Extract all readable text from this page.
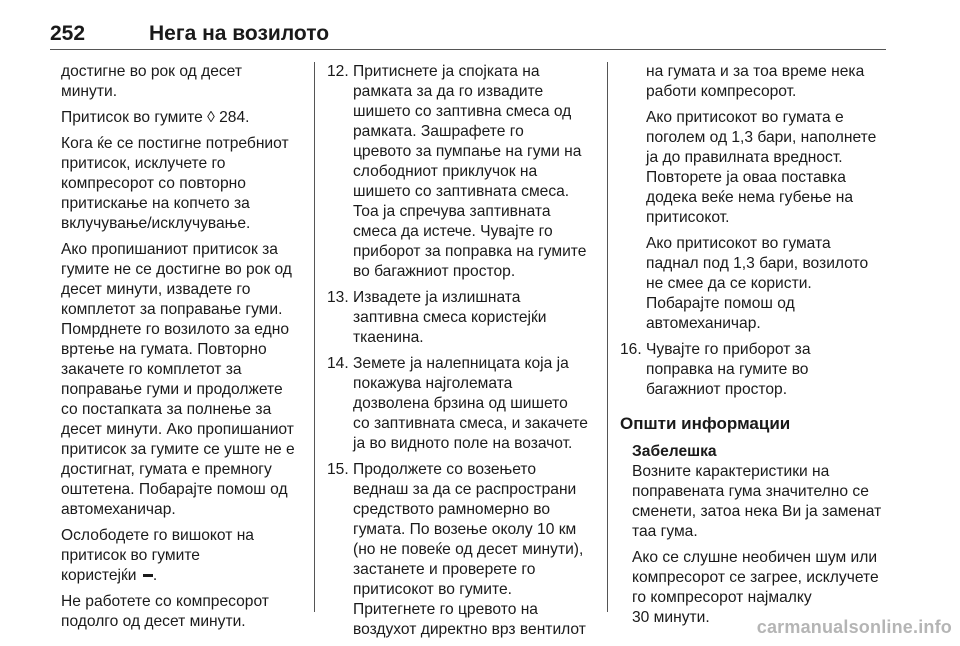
252	Нега на возилото

достигне во рок од десет
минути.

Притисок во гумите ◊ 284.

Кога ќе се постигне потребниот
притисок, исклучете го
компресорот со повторно
притискање на копчето за
вклучување/исклучување.

Ако пропишаниот притисок за
гумите не се достигне во рок од
десет минути, извадете го
комплетот за поправање гуми.
Помрднете го возилото за едно
вртење на гумата. Повторно
закачете го комплетот за
поправање гуми и продолжете
со постапката за полнење за
десет минути. Ако пропишаниот
притисок за гумите се уште не е
достигнат, гумата е премногу
оштетена. Побарајте помош од
автомеханичар.

Ослободете го вишокот на
притисок во гумите
користејќи .

Не работете со компресорот
подолго од десет минути.

12. Притиснете ја спојката на
рамката за да го извадите
шишето со заптивна смеса од
рамката. Зашрафете го
цревото за пумпање на гуми на
слободниот приклучок на
шишето со заптивната смеса.
Тоа ја спречува заптивната
смеса да истече. Чувајте го
приборот за поправка на гумите
во багажниот простор.
13. Извадете ја излишната
заптивна смеса користејќи
ткаенина.
14. Земете ја налепницата која ја
покажува најголемата
дозволена брзина од шишето
со заптивната смеса, и закачете
ја во видното поле на возачот.
15. Продолжете со возењето
веднаш за да се распространи
средството рамномерно во
гумата. По возење околу 10 км
(но не повеќе од десет минути),
застанете и проверете го
притисокот во гумите.
Притегнете го цревото на
воздухот директно врз вентилот

на гумата и за тоа време нека
работи компресорот.

Ако притисокот во гумата е
поголем од 1,3 бари, наполнете
ја до правилната вредност.
Повторете ја оваа поставка
додека веќе нема губење на
притисокот.

Ако притисокот во гумата
паднал под 1,3 бари, возилото
не смее да се користи.
Побарајте помош од
автомеханичар.

16. Чувајте го приборот за
поправка на гумите во
багажниот простор.
Општи информации

Забелешка

Возните карактеристики на
поправената гума значително се
сменети, затоа нека Ви ја заменат
таа гума.

Ако се слушне необичен шум или
компресорот се загрее, исклучете
го компресорот најмалку
30 минути.	carmanualsonline.info
